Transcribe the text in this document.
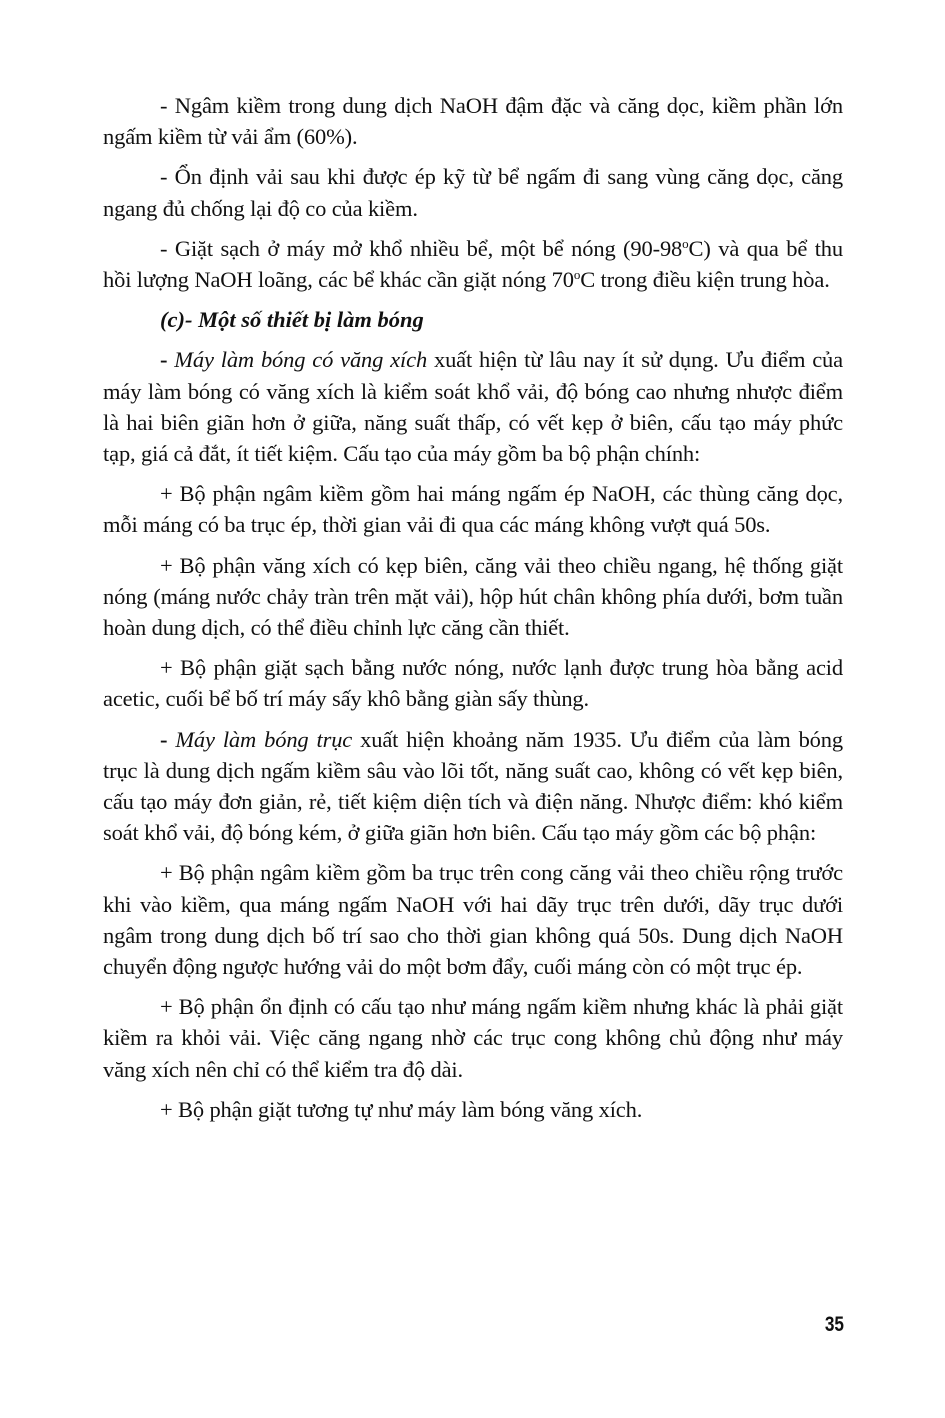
- Ngâm kiềm trong dung dịch NaOH đậm đặc và căng dọc, kiềm phần lớn ngấm kiềm từ vải ẩm (60%).

- Ổn định vải sau khi được ép kỹ từ bể ngấm đi sang vùng căng dọc, căng ngang đủ chống lại độ co của kiềm.

- Giặt sạch ở máy mở khổ nhiều bể, một bể nóng (90-98$^o$C) và qua bể thu hồi lượng NaOH loãng, các bể khác cần giặt nóng 70$^o$C trong điều kiện trung hòa.

(c)- Một số thiết bị làm bóng

- Máy làm bóng có văng xích xuất hiện từ lâu nay ít sử dụng. Ưu điểm của máy làm bóng có văng xích là kiểm soát khổ vải, độ bóng cao nhưng nhược điểm là hai biên giãn hơn ở giữa, năng suất thấp, có vết kẹp ở biên, cấu tạo máy phức tạp, giá cả đắt, ít tiết kiệm. Cấu tạo của máy gồm ba bộ phận chính:

+ Bộ phận ngâm kiềm gồm hai máng ngấm ép NaOH, các thùng căng dọc, mỗi máng có ba trục ép, thời gian vải đi qua các máng không vượt quá 50s.

+ Bộ phận văng xích có kẹp biên, căng vải theo chiều ngang, hệ thống giặt nóng (máng nước chảy tràn trên mặt vải), hộp hút chân không phía dưới, bơm tuần hoàn dung dịch, có thể điều chỉnh lực căng cần thiết.

+ Bộ phận giặt sạch bằng nước nóng, nước lạnh được trung hòa bằng acid acetic, cuối bể bố trí máy sấy khô bằng giàn sấy thùng.

- Máy làm bóng trục xuất hiện khoảng năm 1935. Ưu điểm của làm bóng trục là dung dịch ngấm kiềm sâu vào lõi tốt, năng suất cao, không có vết kẹp biên, cấu tạo máy đơn giản, rẻ, tiết kiệm diện tích và điện năng. Nhược điểm: khó kiểm soát khổ vải, độ bóng kém, ở giữa giãn hơn biên. Cấu tạo máy gồm các bộ phận:

+ Bộ phận ngâm kiềm gồm ba trục trên cong căng vải theo chiều rộng trước khi vào kiềm, qua máng ngấm NaOH với hai dãy trục trên dưới, dãy trục dưới ngâm trong dung dịch bố trí sao cho thời gian không quá 50s. Dung dịch NaOH chuyển động ngược hướng vải do một bơm đẩy, cuối máng còn có một trục ép.

+ Bộ phận ổn định có cấu tạo như máng ngấm kiềm nhưng khác là phải giặt kiềm ra khỏi vải. Việc căng ngang nhờ các trục cong không chủ động như máy văng xích nên chỉ có thể kiểm tra độ dài.

+ Bộ phận giặt tương tự như máy làm bóng văng xích.

35
